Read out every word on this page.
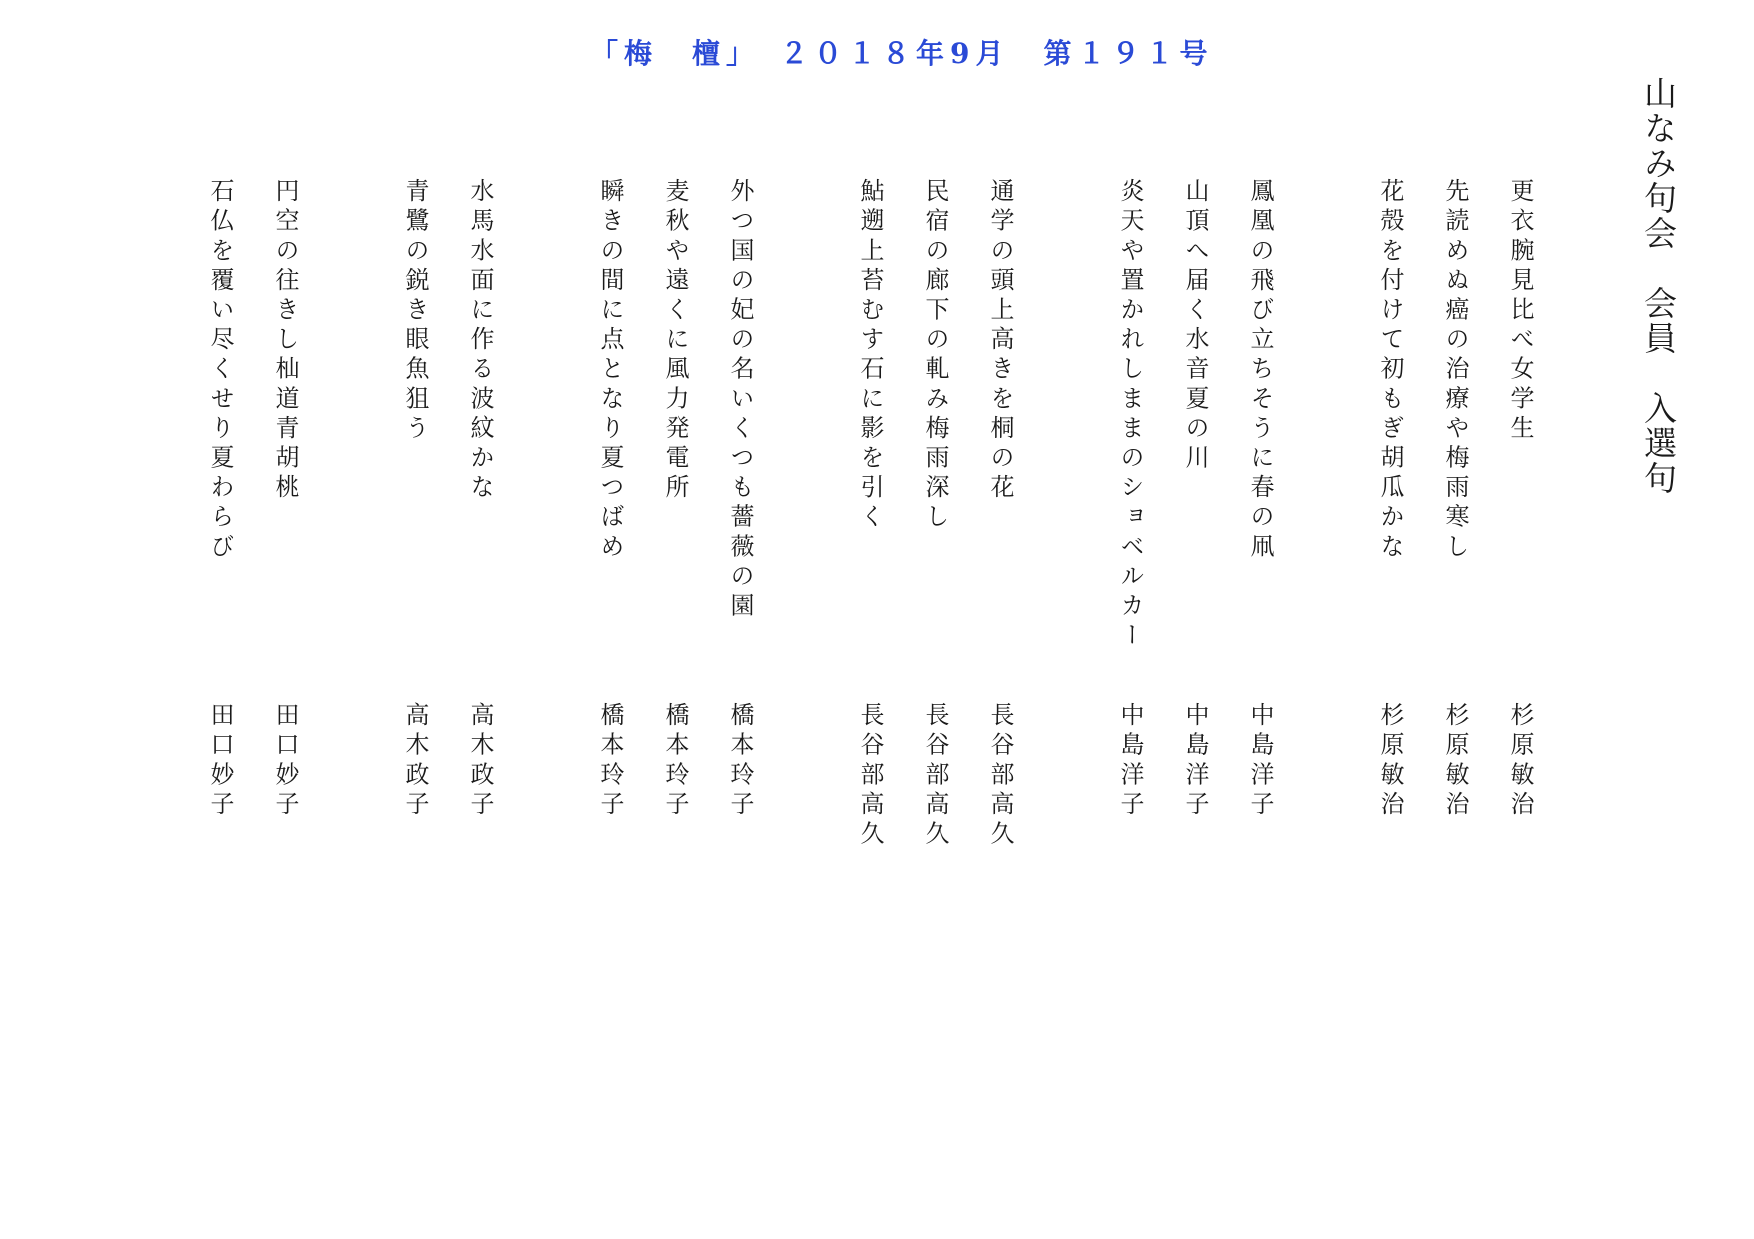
「梅　檀」　２０１８年9月　第１９１号
山なみ句会　会員　入選句
更衣腕見比べ女学生
杉原敏治
先読めぬ癌の治療や梅雨寒し
杉原敏治
花殻を付けて初もぎ胡瓜かな
杉原敏治
鳳凰の飛び立ちそうに春の凧
中島洋子
山頂へ届く水音夏の川
中島洋子
炎天や置かれしままのショベルカー
中島洋子
通学の頭上高きを桐の花
長谷部高久
民宿の廊下の軋み梅雨深し
長谷部高久
鮎遡上苔むす石に影を引く
長谷部高久
外つ国の妃の名いくつも薔薇の園
橋本玲子
麦秋や遠くに風力発電所
橋本玲子
瞬きの間に点となり夏つばめ
橋本玲子
水馬水面に作る波紋かな
高木政子
青鷺の鋭き眼魚狙う
高木政子
円空の往きし杣道青胡桃
田口妙子
石仏を覆い尽くせり夏わらび
田口妙子
